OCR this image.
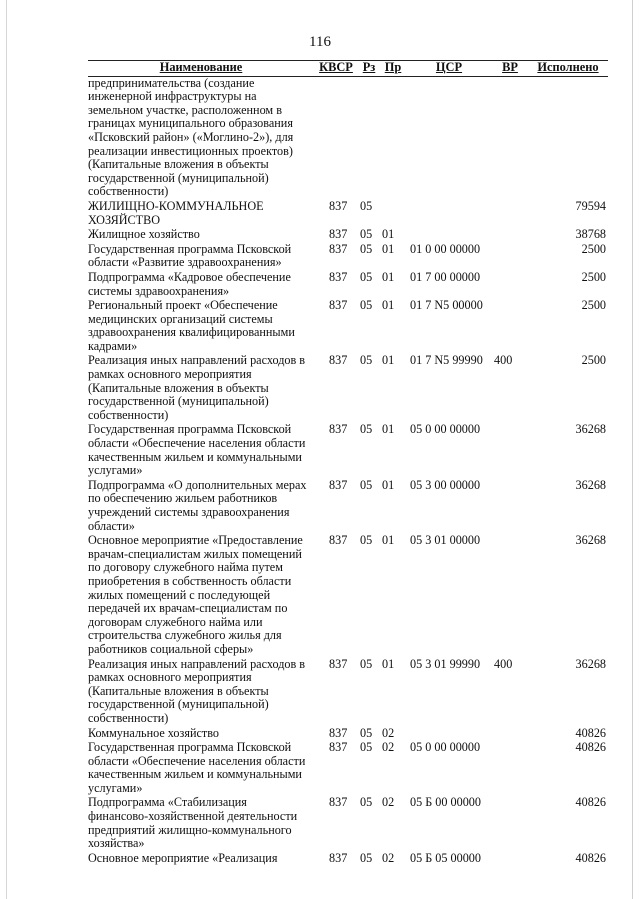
116
Наименование	КВСР	Рз	Пр	ЦСР	ВР	Исполнено
предпринимательства (создание инженерной инфраструктуры на земельном участке, расположенном в границах муниципального образования «Псковский район» («Моглино-2»), для реализации инвестиционных проектов) (Капитальные вложения в объекты государственной (муниципальной) собственности)						
ЖИЛИЩНО-КОММУНАЛЬНОЕ ХОЗЯЙСТВО	837	05				79594
Жилищное хозяйство	837	05	01			38768
Государственная программа Псковской области «Развитие здравоохранения»	837	05	01	01 0 00 00000		2500
Подпрограмма «Кадровое обеспечение системы здравоохранения»	837	05	01	01 7 00 00000		2500
Региональный проект «Обеспечение медицинских организаций системы здравоохранения квалифицированными кадрами»	837	05	01	01 7 N5 00000		2500
Реализация иных направлений расходов в рамках основного мероприятия (Капитальные вложения в объекты государственной (муниципальной) собственности)	837	05	01	01 7 N5 99990	400	2500
Государственная программа Псковской области «Обеспечение населения области качественным жильем и коммунальными услугами»	837	05	01	05 0 00 00000		36268
Подпрограмма «О дополнительных мерах по обеспечению жильем работников учреждений системы здравоохранения области»	837	05	01	05 3 00 00000		36268
Основное мероприятие «Предоставление врачам-специалистам жилых помещений по договору служебного найма путем приобретения в собственность области жилых помещений с последующей передачей их врачам-специалистам по договорам служебного найма или строительства служебного жилья для работников социальной сферы»	837	05	01	05 3 01 00000		36268
Реализация иных направлений расходов в рамках основного мероприятия (Капитальные вложения в объекты государственной (муниципальной) собственности)	837	05	01	05 3 01 99990	400	36268
Коммунальное хозяйство	837	05	02			40826
Государственная программа Псковской области «Обеспечение населения области качественным жильем и коммунальными услугами»	837	05	02	05 0 00 00000		40826
Подпрограмма «Стабилизация финансово-хозяйственной деятельности предприятий жилищно-коммунального хозяйства»	837	05	02	05 Б 00 00000		40826
Основное мероприятие «Реализация	837	05	02	05 Б 05 00000		40826
